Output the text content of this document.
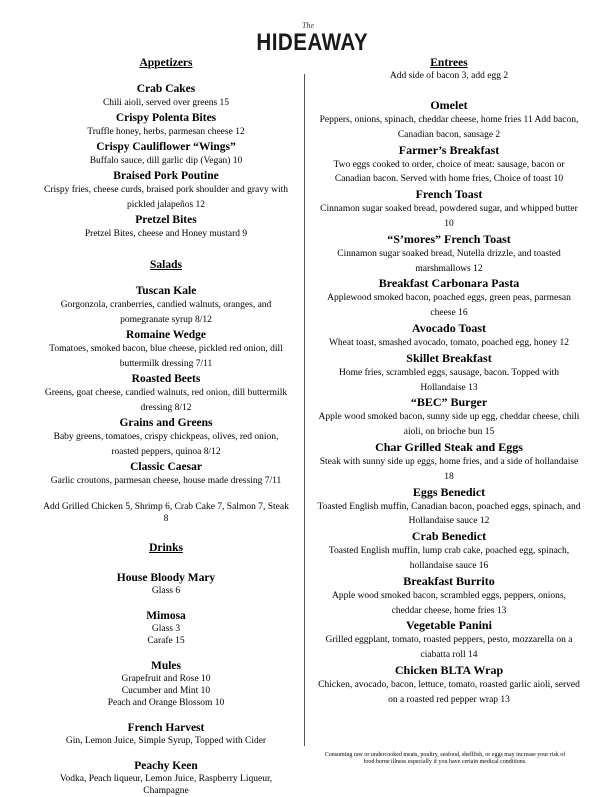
The
HIDEAWAY
Appetizers
Crab Cakes
Chili aioli, served over greens 15
Crispy Polenta Bites
Truffle honey, herbs, parmesan cheese 12
Crispy Cauliflower “Wings”
Buffalo sauce, dill garlic dip (Vegan) 10
Braised Pork Poutine
Crispy fries, cheese curds, braised pork shoulder and gravy with pickled jalapeños 12
Pretzel Bites
Pretzel Bites, cheese and Honey mustard 9
Salads
Tuscan Kale
Gorgonzola, cranberries, candied walnuts, oranges, and pomegranate syrup 8/12
Romaine Wedge
Tomatoes, smoked bacon, blue cheese, pickled red onion, dill buttermilk dressing 7/11
Roasted Beets
Greens, goat cheese, candied walnuts, red onion, dill buttermilk dressing 8/12
Grains and Greens
Baby greens, tomatoes, crispy chickpeas, olives, red onion, roasted peppers, quinoa 8/12
Classic Caesar
Garlic croutons, parmesan cheese, house made dressing 7/11
Add Grilled Chicken 5, Shrimp 6, Crab Cake 7, Salmon 7, Steak 8
Drinks
House Bloody Mary
Glass 6
Mimosa
Glass 3
Carafe 15
Mules
Grapefruit and Rose 10
Cucumber and Mint 10
Peach and Orange Blossom 10
French Harvest
Gin, Lemon Juice, Simple Syrup, Topped with Cider
Peachy Keen
Vodka, Peach liqueur, Lemon Juice, Raspberry Liqueur, Champagne
Entrees
Add side of bacon 3, add egg 2
Omelet
Peppers, onions, spinach, cheddar cheese, home fries 11 Add bacon, Canadian bacon, sausage 2
Farmer’s Breakfast
Two eggs cooked to order, choice of meat: sausage, bacon or Canadian bacon. Served with home fries, Choice of toast 10
French Toast
Cinnamon sugar soaked bread, powdered sugar, and whipped butter 10
“S’mores” French Toast
Cinnamon sugar soaked bread, Nutella drizzle, and toasted marshmallows 12
Breakfast Carbonara Pasta
Applewood smoked bacon, poached eggs, green peas, parmesan cheese 16
Avocado Toast
Wheat toast, smashed avocado, tomato, poached egg, honey 12
Skillet Breakfast
Home fries, scrambled eggs, sausage, bacon. Topped with Hollandaise 13
“BEC” Burger
Apple wood smoked bacon, sunny side up egg, cheddar cheese, chili aioli, on brioche bun 15
Char Grilled Steak and Eggs
Steak with sunny side up eggs, home fries, and a side of hollandaise 18
Eggs Benedict
Toasted English muffin, Canadian bacon, poached eggs, spinach, and Hollandaise sauce 12
Crab Benedict
Toasted English muffin, lump crab cake, poached egg, spinach, hollandaise sauce 16
Breakfast Burrito
Apple wood smoked bacon, scrambled eggs, peppers, onions, cheddar cheese, home fries 13
Vegetable Panini
Grilled eggplant, tomato, roasted peppers, pesto, mozzarella on a ciabatta roll 14
Chicken BLTA Wrap
Chicken, avocado, bacon, lettuce, tomato, roasted garlic aioli, served on a roasted red pepper wrap 13
Consuming raw or undercooked meats, poultry, seafood, shellfish, or eggs may increase your risk of food borne illness especially if you have certain medical conditions.
